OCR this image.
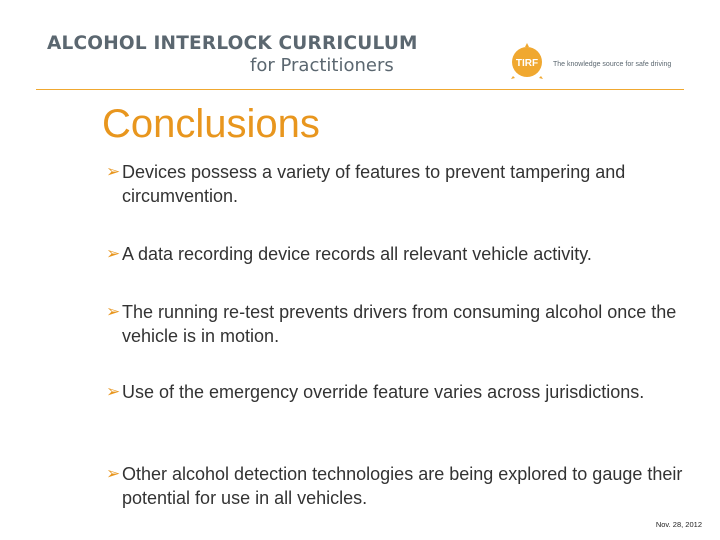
ALCOHOL INTERLOCK CURRICULUM
for Practitioners	TIRF The knowledge source for safe driving
Conclusions
➢ Devices possess a variety of features to prevent tampering and circumvention.
➢ A data recording device records all relevant vehicle activity.
➢ The running re-test prevents drivers from consuming alcohol once the vehicle is in motion.
➢ Use of the emergency override feature varies across jurisdictions.
➢ Other alcohol detection technologies are being explored to gauge their potential for use in all vehicles.
Nov. 28, 2012
